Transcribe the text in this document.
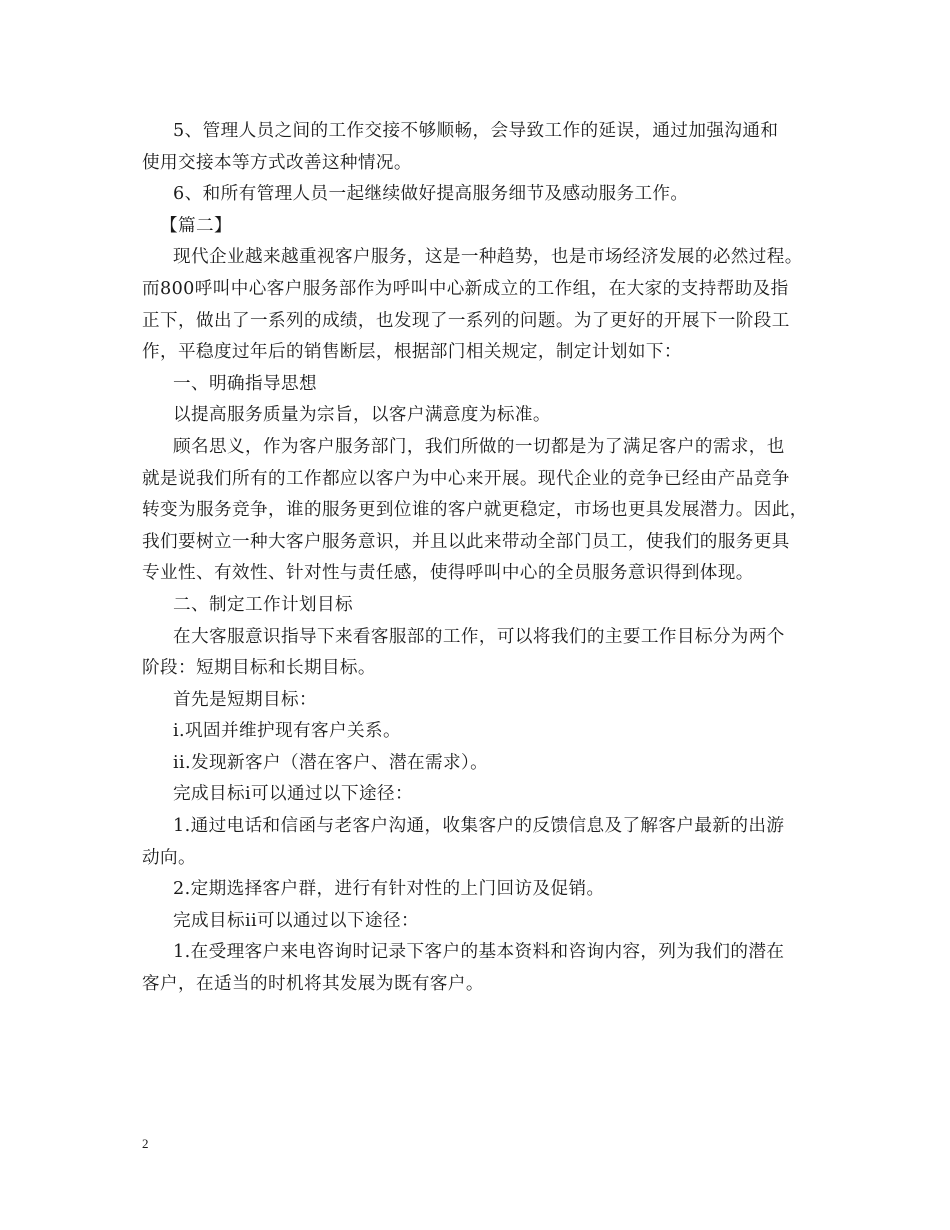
5、管理人员之间的工作交接不够顺畅，会导致工作的延误，通过加强沟通和
使用交接本等方式改善这种情况。

6、和所有管理人员一起继续做好提高服务细节及感动服务工作。

【篇二】

现代企业越来越重视客户服务，这是一种趋势，也是市场经济发展的必然过程。
而800呼叫中心客户服务部作为呼叫中心新成立的工作组，在大家的支持帮助及指
正下，做出了一系列的成绩，也发现了一系列的问题。为了更好的开展下一阶段工
作，平稳度过年后的销售断层，根据部门相关规定，制定计划如下：

一、明确指导思想

以提高服务质量为宗旨，以客户满意度为标准。

顾名思义，作为客户服务部门，我们所做的一切都是为了满足客户的需求，也
就是说我们所有的工作都应以客户为中心来开展。现代企业的竞争已经由产品竞争
转变为服务竞争，谁的服务更到位谁的客户就更稳定，市场也更具发展潜力。因此，
我们要树立一种大客户服务意识，并且以此来带动全部门员工，使我们的服务更具
专业性、有效性、针对性与责任感，使得呼叫中心的全员服务意识得到体现。

二、制定工作计划目标

在大客服意识指导下来看客服部的工作，可以将我们的主要工作目标分为两个
阶段：短期目标和长期目标。

首先是短期目标：

i.巩固并维护现有客户关系。

ii.发现新客户（潜在客户、潜在需求）。

完成目标i可以通过以下途径：

1.通过电话和信函与老客户沟通，收集客户的反馈信息及了解客户最新的出游
动向。

2.定期选择客户群，进行有针对性的上门回访及促销。

完成目标ii可以通过以下途径：

1.在受理客户来电咨询时记录下客户的基本资料和咨询内容，列为我们的潜在
客户，在适当的时机将其发展为既有客户。

2
